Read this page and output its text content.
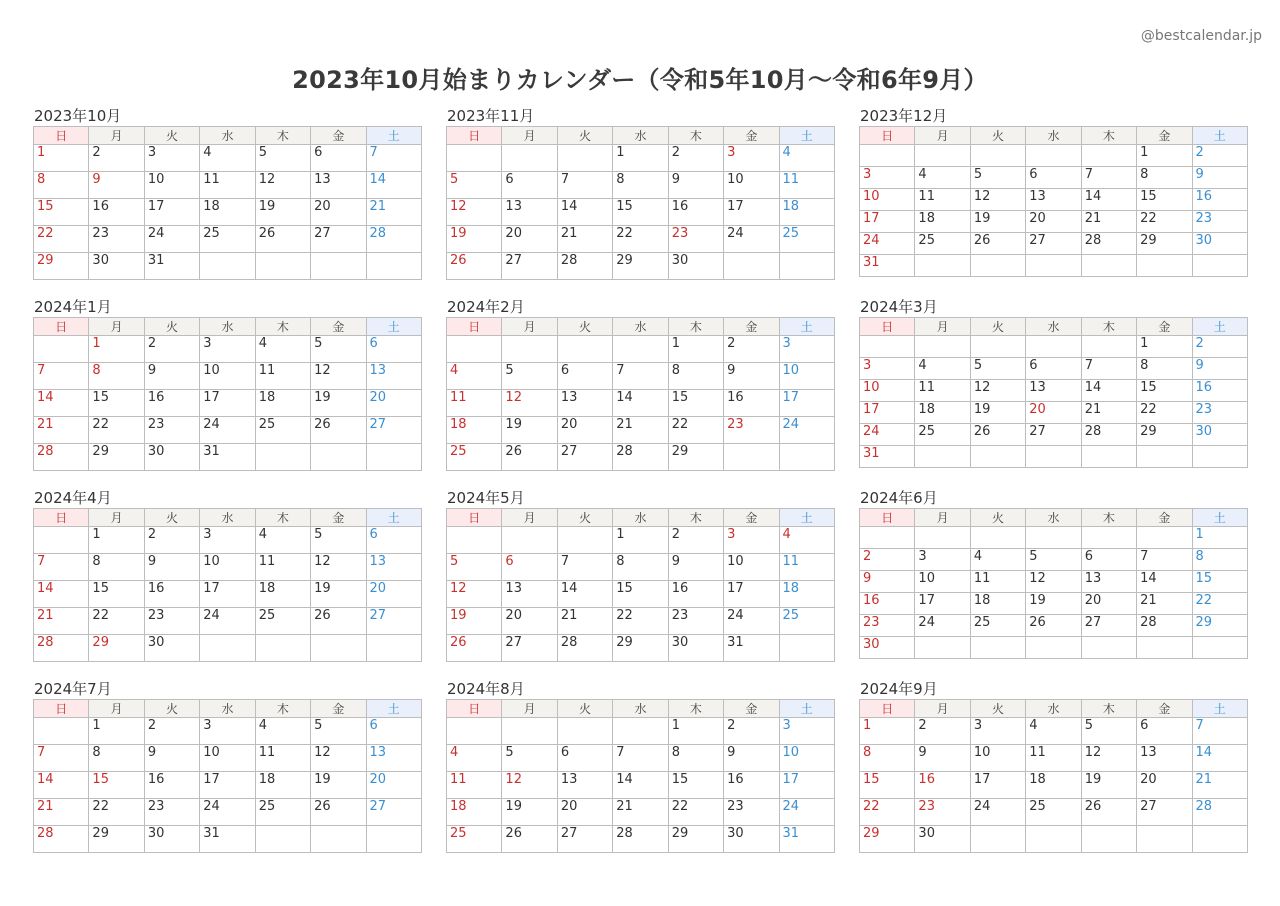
@bestcalendar.jp
2023年10月始まりカレンダー（令和5年10月〜令和6年9月）
2023年10月
日	月	火	水	木	金	土
1	2	3	4	5	6	7
8	9	10	11	12	13	14
15	16	17	18	19	20	21
22	23	24	25	26	27	28
29	30	31				
2023年11月
日	月	火	水	木	金	土
			1	2	3	4
5	6	7	8	9	10	11
12	13	14	15	16	17	18
19	20	21	22	23	24	25
26	27	28	29	30		
2023年12月
日	月	火	水	木	金	土
					1	2
3	4	5	6	7	8	9
10	11	12	13	14	15	16
17	18	19	20	21	22	23
24	25	26	27	28	29	30
31						
2024年1月
日	月	火	水	木	金	土
	1	2	3	4	5	6
7	8	9	10	11	12	13
14	15	16	17	18	19	20
21	22	23	24	25	26	27
28	29	30	31			
2024年2月
日	月	火	水	木	金	土
				1	2	3
4	5	6	7	8	9	10
11	12	13	14	15	16	17
18	19	20	21	22	23	24
25	26	27	28	29		
2024年3月
日	月	火	水	木	金	土
					1	2
3	4	5	6	7	8	9
10	11	12	13	14	15	16
17	18	19	20	21	22	23
24	25	26	27	28	29	30
31						
2024年4月
日	月	火	水	木	金	土
	1	2	3	4	5	6
7	8	9	10	11	12	13
14	15	16	17	18	19	20
21	22	23	24	25	26	27
28	29	30				
2024年5月
日	月	火	水	木	金	土
			1	2	3	4
5	6	7	8	9	10	11
12	13	14	15	16	17	18
19	20	21	22	23	24	25
26	27	28	29	30	31	
2024年6月
日	月	火	水	木	金	土
						1
2	3	4	5	6	7	8
9	10	11	12	13	14	15
16	17	18	19	20	21	22
23	24	25	26	27	28	29
30						
2024年7月
日	月	火	水	木	金	土
	1	2	3	4	5	6
7	8	9	10	11	12	13
14	15	16	17	18	19	20
21	22	23	24	25	26	27
28	29	30	31			
2024年8月
日	月	火	水	木	金	土
				1	2	3
4	5	6	7	8	9	10
11	12	13	14	15	16	17
18	19	20	21	22	23	24
25	26	27	28	29	30	31
2024年9月
日	月	火	水	木	金	土
1	2	3	4	5	6	7
8	9	10	11	12	13	14
15	16	17	18	19	20	21
22	23	24	25	26	27	28
29	30					
